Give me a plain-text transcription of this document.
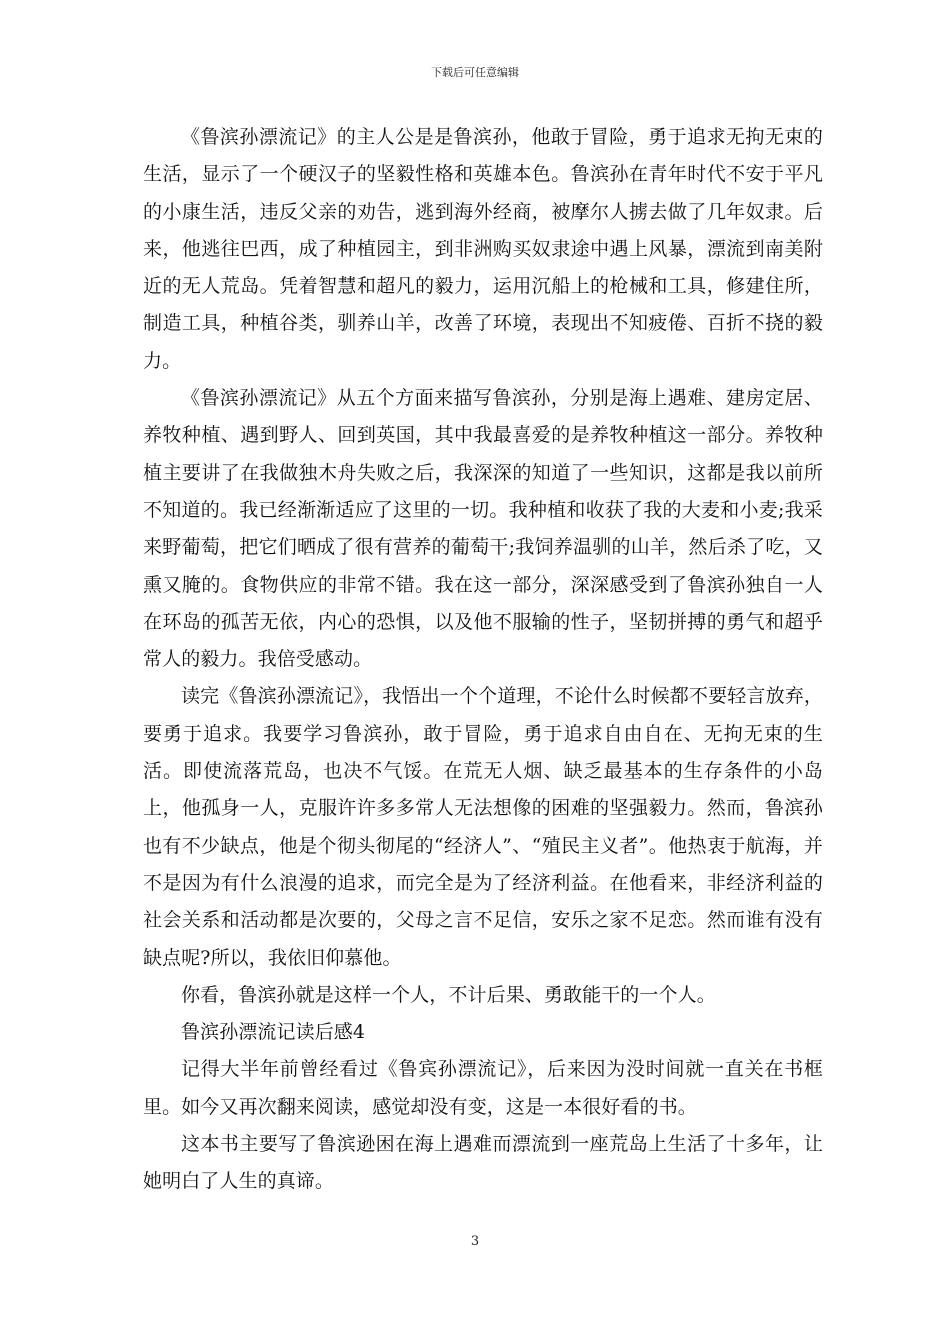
下载后可任意编辑

《鲁滨孙漂流记》的主人公是是鲁滨孙，他敢于冒险，勇于追求无拘无束的生活，显示了一个硬汉子的坚毅性格和英雄本色。鲁滨孙在青年时代不安于平凡的小康生活，违反父亲的劝告，逃到海外经商，被摩尔人掳去做了几年奴隶。后来，他逃往巴西，成了种植园主，到非洲购买奴隶途中遇上风暴，漂流到南美附近的无人荒岛。凭着智慧和超凡的毅力，运用沉船上的枪械和工具，修建住所，制造工具，种植谷类，驯养山羊，改善了环境，表现出不知疲倦、百折不挠的毅力。

《鲁滨孙漂流记》从五个方面来描写鲁滨孙，分别是海上遇难、建房定居、养牧种植、遇到野人、回到英国，其中我最喜爱的是养牧种植这一部分。养牧种植主要讲了在我做独木舟失败之后，我深深的知道了一些知识，这都是我以前所不知道的。我已经渐渐适应了这里的一切。我种植和收获了我的大麦和小麦;我采来野葡萄，把它们晒成了很有营养的葡萄干;我饲养温驯的山羊，然后杀了吃，又熏又腌的。食物供应的非常不错。我在这一部分，深深感受到了鲁滨孙独自一人在环岛的孤苦无依，内心的恐惧，以及他不服输的性子，坚韧拼搏的勇气和超乎常人的毅力。我倍受感动。

读完《鲁滨孙漂流记》，我悟出一个个道理，不论什么时候都不要轻言放弃，要勇于追求。我要学习鲁滨孙，敢于冒险，勇于追求自由自在、无拘无束的生活。即使流落荒岛，也决不气馁。在荒无人烟、缺乏最基本的生存条件的小岛上，他孤身一人，克服许许多多常人无法想像的困难的坚强毅力。然而，鲁滨孙也有不少缺点，他是个彻头彻尾的“经济人”、“殖民主义者”。他热衷于航海，并不是因为有什么浪漫的追求，而完全是为了经济利益。在他看来，非经济利益的社会关系和活动都是次要的，父母之言不足信，安乐之家不足恋。然而谁有没有缺点呢?所以，我依旧仰慕他。

你看，鲁滨孙就是这样一个人，不计后果、勇敢能干的一个人。

鲁滨孙漂流记读后感4

记得大半年前曾经看过《鲁宾孙漂流记》，后来因为没时间就一直关在书框里。如今又再次翻来阅读，感觉却没有变，这是一本很好看的书。

这本书主要写了鲁滨逊困在海上遇难而漂流到一座荒岛上生活了十多年，让她明白了人生的真谛。

3
